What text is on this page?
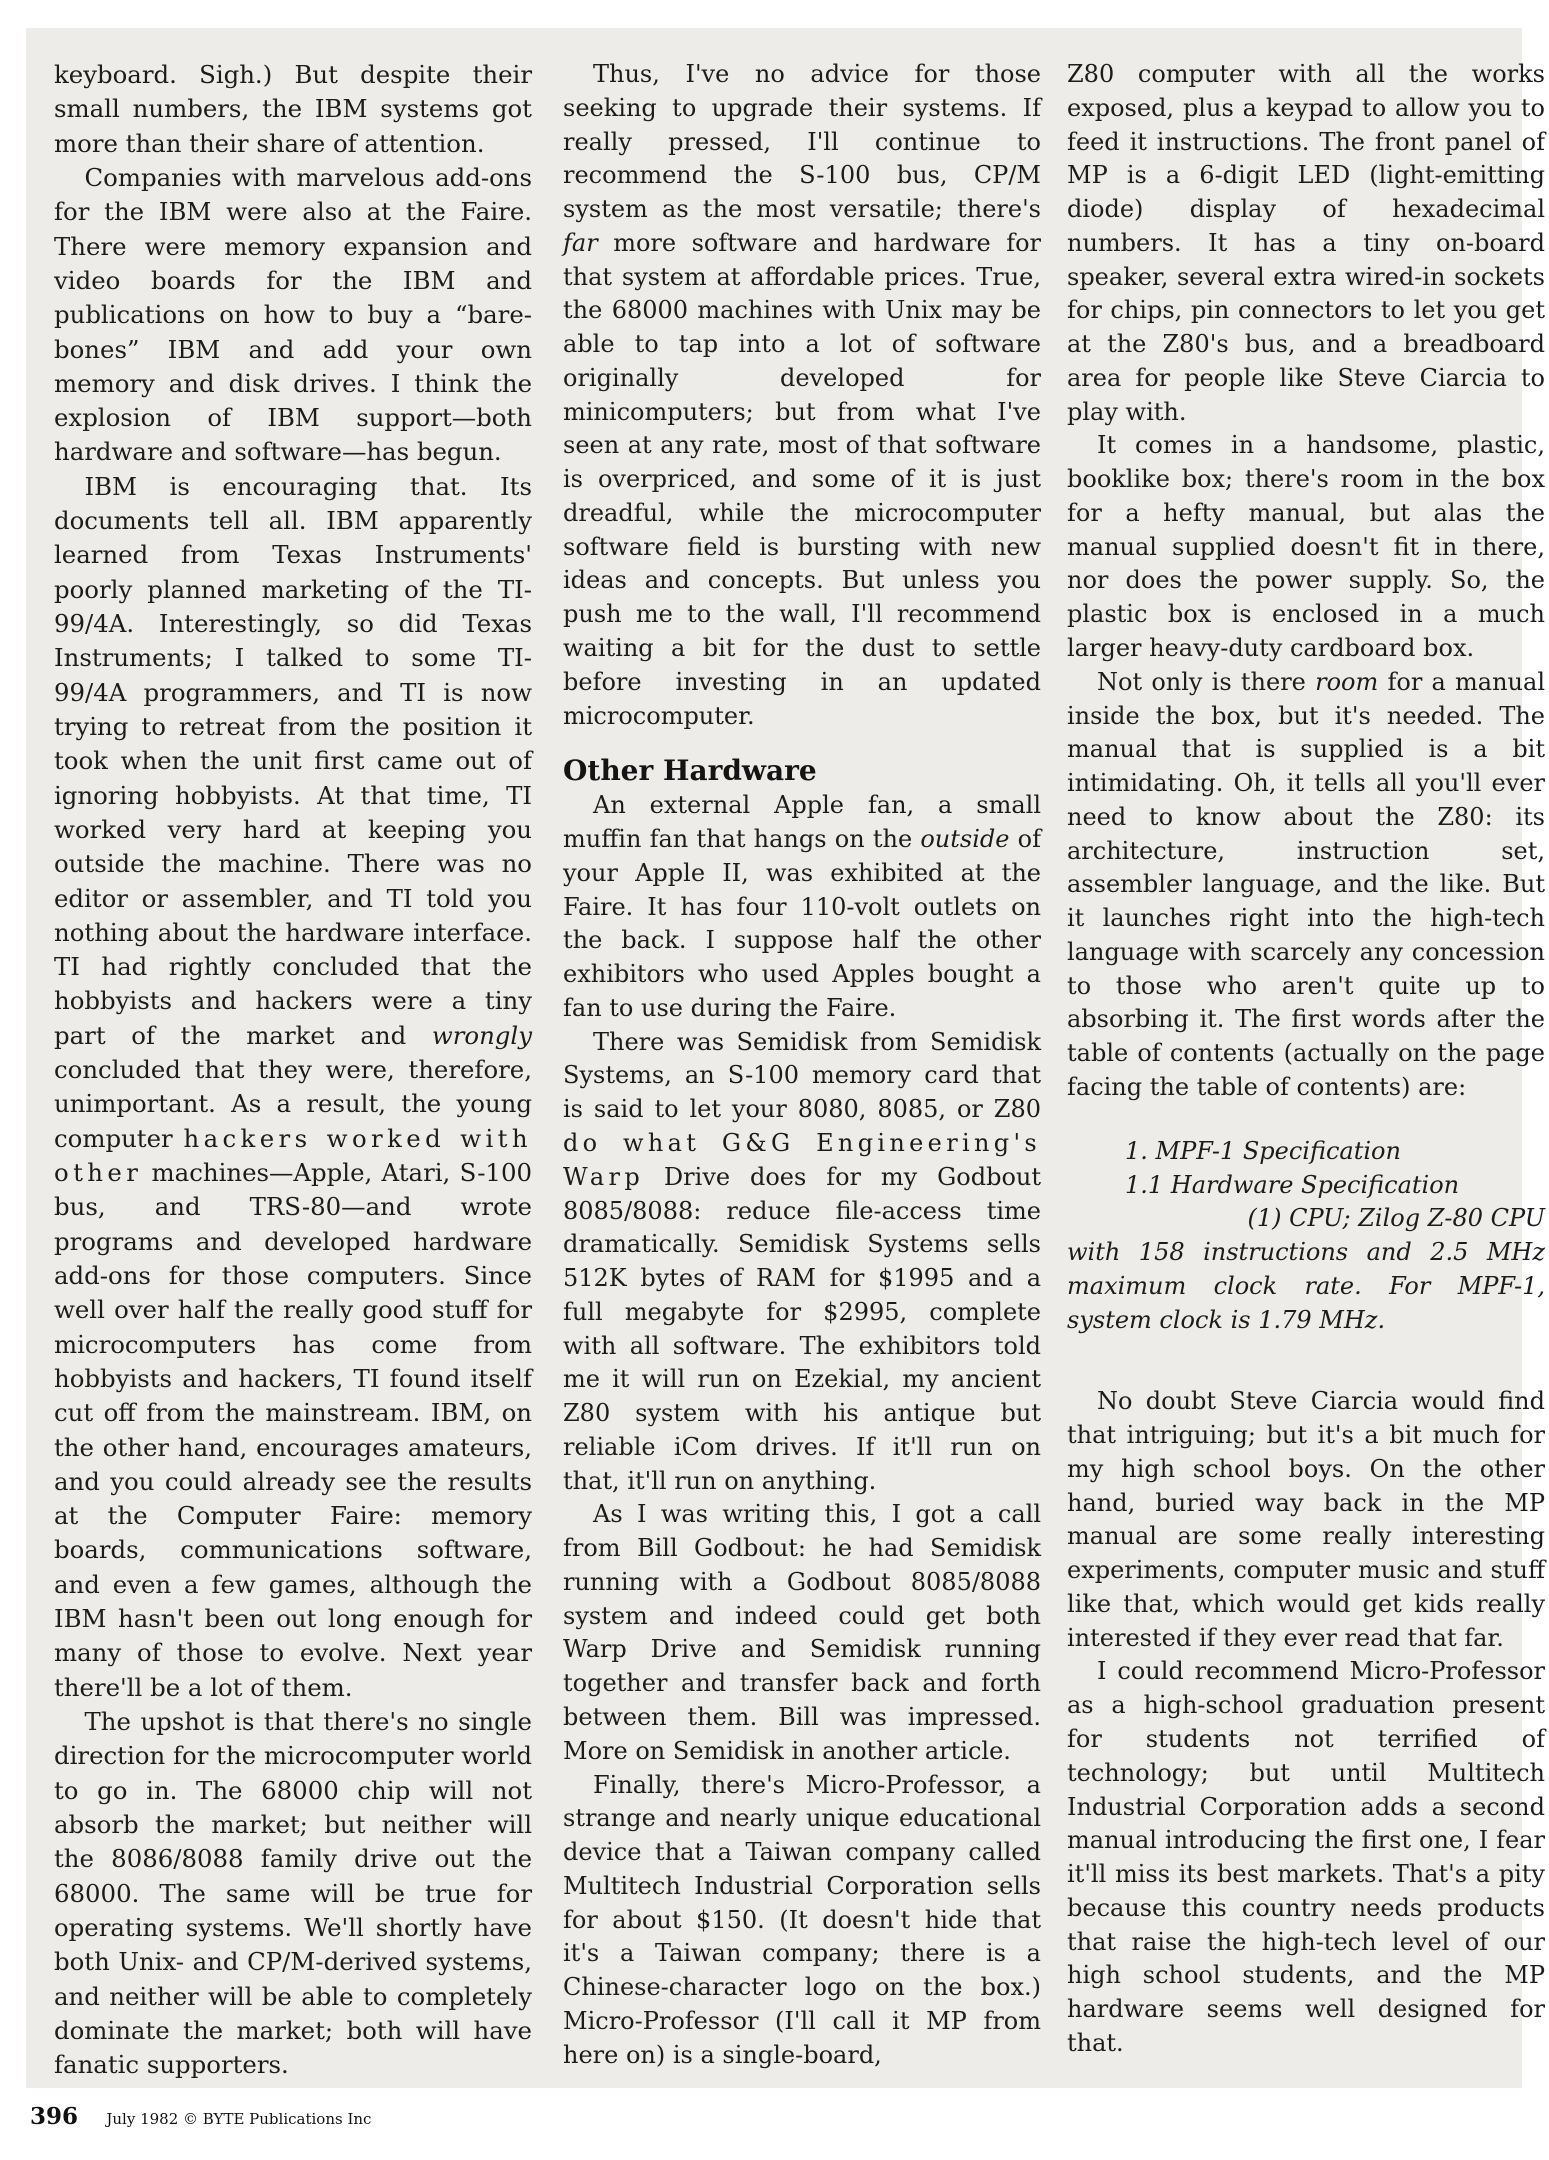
keyboard. Sigh.) But despite their small numbers, the IBM systems got more than their share of attention.

Companies with marvelous add-ons for the IBM were also at the Faire. There were memory expansion and video boards for the IBM and publications on how to buy a “bare-bones” IBM and add your own memory and disk drives. I think the explosion of IBM support—both hardware and software—has begun.

IBM is encouraging that. Its documents tell all. IBM apparently learned from Texas Instruments' poorly planned marketing of the TI-99/4A. Interestingly, so did Texas Instruments; I talked to some TI-99/4A programmers, and TI is now trying to retreat from the position it took when the unit first came out of ignoring hobbyists. At that time, TI worked very hard at keeping you outside the machine. There was no editor or assembler, and TI told you nothing about the hardware interface. TI had rightly concluded that the hobbyists and hackers were a tiny part of the market and wrongly concluded that they were, therefore, unimportant. As a result, the young computer hackers worked with other machines—Apple, Atari, S-100 bus, and TRS-80—and wrote programs and developed hardware add-ons for those computers. Since well over half the really good stuff for microcomputers has come from hobbyists and hackers, TI found itself cut off from the mainstream. IBM, on the other hand, encourages amateurs, and you could already see the results at the Computer Faire: memory boards, communications software, and even a few games, although the IBM hasn't been out long enough for many of those to evolve. Next year there'll be a lot of them.

The upshot is that there's no single direction for the microcomputer world to go in. The 68000 chip will not absorb the market; but neither will the 8086/8088 family drive out the 68000. The same will be true for operating systems. We'll shortly have both Unix- and CP/M-derived systems, and neither will be able to completely dominate the market; both will have fanatic supporters.

Thus, I've no advice for those seeking to upgrade their systems. If really pressed, I'll continue to recommend the S-100 bus, CP/M system as the most versatile; there's far more software and hardware for that system at affordable prices. True, the 68000 machines with Unix may be able to tap into a lot of software originally developed for minicomputers; but from what I've seen at any rate, most of that software is overpriced, and some of it is just dreadful, while the microcomputer software field is bursting with new ideas and concepts. But unless you push me to the wall, I'll recommend waiting a bit for the dust to settle before investing in an updated microcomputer.

Other Hardware

An external Apple fan, a small muffin fan that hangs on the outside of your Apple II, was exhibited at the Faire. It has four 110-volt outlets on the back. I suppose half the other exhibitors who used Apples bought a fan to use during the Faire.

There was Semidisk from Semidisk Systems, an S-100 memory card that is said to let your 8080, 8085, or Z80 do what G&G Engineering's Warp Drive does for my Godbout 8085/8088: reduce file-access time dramatically. Semidisk Systems sells 512K bytes of RAM for $1995 and a full megabyte for $2995, complete with all software. The exhibitors told me it will run on Ezekial, my ancient Z80 system with his antique but reliable iCom drives. If it'll run on that, it'll run on anything.

As I was writing this, I got a call from Bill Godbout: he had Semidisk running with a Godbout 8085/8088 system and indeed could get both Warp Drive and Semidisk running together and transfer back and forth between them. Bill was impressed. More on Semidisk in another article.

Finally, there's Micro-Professor, a strange and nearly unique educational device that a Taiwan company called Multitech Industrial Corporation sells for about $150. (It doesn't hide that it's a Taiwan company; there is a Chinese-character logo on the box.) Micro-Professor (I'll call it MP from here on) is a single-board,

Z80 computer with all the works exposed, plus a keypad to allow you to feed it instructions. The front panel of MP is a 6-digit LED (light-emitting diode) display of hexadecimal numbers. It has a tiny on-board speaker, several extra wired-in sockets for chips, pin connectors to let you get at the Z80's bus, and a breadboard area for people like Steve Ciarcia to play with.

It comes in a handsome, plastic, booklike box; there's room in the box for a hefty manual, but alas the manual supplied doesn't fit in there, nor does the power supply. So, the plastic box is enclosed in a much larger heavy-duty cardboard box.

Not only is there room for a manual inside the box, but it's needed. The manual that is supplied is a bit intimidating. Oh, it tells all you'll ever need to know about the Z80: its architecture, instruction set, assembler language, and the like. But it launches right into the high-tech language with scarcely any concession to those who aren't quite up to absorbing it. The first words after the table of contents (actually on the page facing the table of contents) are:

1. MPF-1 Specification

1.1 Hardware Specification

(1) CPU; Zilog Z-80 CPU

with 158 instructions and 2.5 MHz maximum clock rate. For MPF-1, system clock is 1.79 MHz.

No doubt Steve Ciarcia would find that intriguing; but it's a bit much for my high school boys. On the other hand, buried way back in the MP manual are some really interesting experiments, computer music and stuff like that, which would get kids really interested if they ever read that far.

I could recommend Micro-Professor as a high-school graduation present for students not terrified of technology; but until Multitech Industrial Corporation adds a second manual introducing the first one, I fear it'll miss its best markets. That's a pity because this country needs products that raise the high-tech level of our high school students, and the MP hardware seems well designed for that.

396 July 1982 © BYTE Publications Inc
